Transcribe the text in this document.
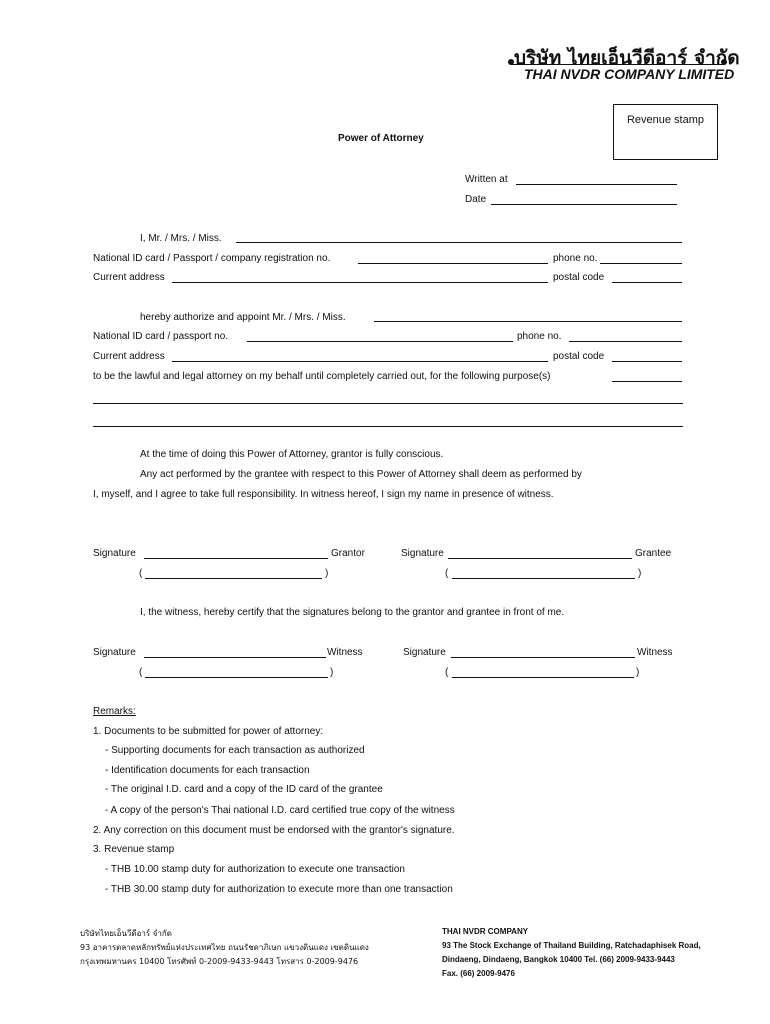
บริษัท ไทยเอ็นวีดีอาร์ จำกัด
THAI NVDR COMPANY LIMITED
Revenue stamp
Power of Attorney
Written at
Date
I, Mr. / Mrs. / Miss.
National ID card / Passport / company registration no.	phone no.
Current address	postal code
hereby authorize and appoint Mr. / Mrs. / Miss.
National ID card / passport no.	phone no.
Current address	postal code
to be the lawful and legal attorney on my behalf until completely carried out, for the following purpose(s)
At the time of doing this Power of Attorney, grantor is fully conscious.
Any act performed by the grantee with respect to this Power of Attorney shall deem as performed by
I, myself, and I agree to take full responsibility. In witness hereof, I sign my name in presence of witness.
Signature	Grantor	Signature	Grantee
(	)	(	)
I, the witness, hereby certify that the signatures belong to the grantor and grantee in front of me.
Signature	Witness	Signature	Witness
(	)	(	)
Remarks:
1. Documents to be submitted for power of attorney:
- Supporting documents for each transaction as authorized
- Identification documents for each transaction
- The original I.D. card and a copy of the ID card of the grantee
- A copy of the person's Thai national I.D. card certified true copy of the witness
2. Any correction on this document must be endorsed with the grantor's signature.
3. Revenue stamp
- THB 10.00 stamp duty for authorization to execute one transaction
- THB 30.00 stamp duty for authorization to execute more than one transaction
บริษัทไทยเอ็นวีดีอาร์ จำกัด
93 อาคารตลาดหลักทรัพย์แห่งประเทศไทย ถนนรัชดาภิเษก แขวงดินแดง เขตดินแดง
กรุงเทพมหานคร 10400 โทรศัพท์ 0-2009-9433-9443 โทรสาร 0-2009-9476
THAI NVDR COMPANY
93 The Stock Exchange of Thailand Building, Ratchadaphisek Road,
Dindaeng, Dindaeng, Bangkok 10400 Tel. (66) 2009-9433-9443
Fax. (66) 2009-9476
